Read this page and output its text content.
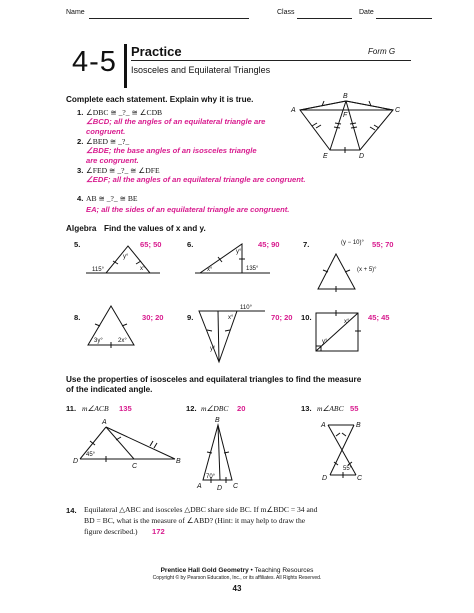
Name	Class	Date
4-5 Practice	Form G
Isosceles and Equilateral Triangles
Complete each statement. Explain why it is true.
1. ∠DBC ≅ _?_ ≅ ∠CDB
∠BCD; all the angles of an equilateral triangle are congruent.
2. ∠BED ≅ _?_
∠BDE; the base angles of an isosceles triangle are congruent.
3. ∠FED ≅ _?_ ≅ ∠DFE
∠EDF; all the angles of an equilateral triangle are congruent.
4. AB ≅ _?_ ≅ BE
EA; all the sides of an equilateral triangle are congruent.
A
B
C
D
E
F
Algebra Find the values of x and y.
5.	65; 50
y°
115°	x°
6.	45; 90
y°
x°	135°
7.	55; 70
(y − 10)°
(x + 5)°
8.	30; 20
3y°	2x°
9.	70; 20
x°
110°
y°
10.	45; 45
x°
y°
Use the properties of isosceles and equilateral triangles to find the measure of the indicated angle.
11. m∠ACB 135	12. m∠DBC 20	13. m∠ABC 55
A
D
45°
B
C
B
A
70°
D C
A	B
D
55°
C
14. Equilateral △ABC and isosceles △DBC share side BC. If m∠BDC = 34 and
BD = BC, what is the measure of ∠ABD? (Hint: it may help to draw the
figure described.) 172
Prentice Hall Gold Geometry • Teaching Resources
Copyright © by Pearson Education, Inc., or its affiliates. All Rights Reserved.
43
